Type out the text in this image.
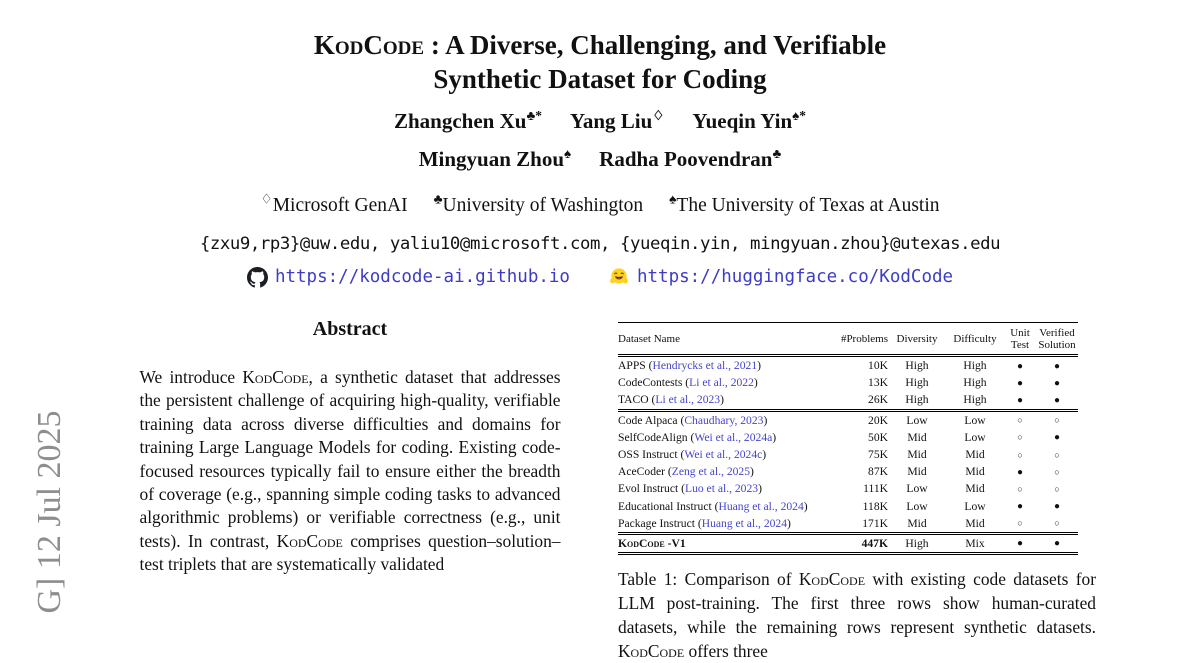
G] 12 Jul 2025
KodCode : A Diverse, Challenging, and Verifiable
Synthetic Dataset for Coding
Zhangchen Xu♣* Yang Liu♢ Yueqin Yin♠*
Mingyuan Zhou♠ Radha Poovendran♣
♢Microsoft GenAI ♣University of Washington ♠The University of Texas at Austin
{zxu9,rp3}@uw.edu, yaliu10@microsoft.com, {yueqin.yin, mingyuan.zhou}@utexas.edu
https://kodcode-ai.github.io	https://huggingface.co/KodCode
Abstract

We introduce KodCode, a synthetic dataset that addresses the persistent challenge of acquiring high-quality, verifiable training data across diverse difficulties and domains for training Large Language Models for coding. Existing code-focused resources typically fail to ensure either the breadth of coverage (e.g., spanning simple coding tasks to advanced algorithmic problems) or verifiable correctness (e.g., unit tests). In contrast, KodCode comprises question–solution–test triplets that are systematically validated

Dataset Name	#Problems	Diversity	Difficulty	Unit Test	Verified Solution
APPS (Hendrycks et al., 2021)	10K	High	High	●	●
CodeContests (Li et al., 2022)	13K	High	High	●	●
TACO (Li et al., 2023)	26K	High	High	●	●
Code Alpaca (Chaudhary, 2023)	20K	Low	Low	○	○
SelfCodeAlign (Wei et al., 2024a)	50K	Mid	Low	○	●
OSS Instruct (Wei et al., 2024c)	75K	Mid	Mid	○	○
AceCoder (Zeng et al., 2025)	87K	Mid	Mid	●	○
Evol Instruct (Luo et al., 2023)	111K	Low	Mid	○	○
Educational Instruct (Huang et al., 2024)	118K	Low	Low	●	●
Package Instruct (Huang et al., 2024)	171K	Mid	Mid	○	○
KodCode -V1	447K	High	Mix	●	●

Table 1: Comparison of KodCode with existing code datasets for LLM post-training. The first three rows show human-curated datasets, while the remaining rows represent synthetic datasets. KodCode offers three
